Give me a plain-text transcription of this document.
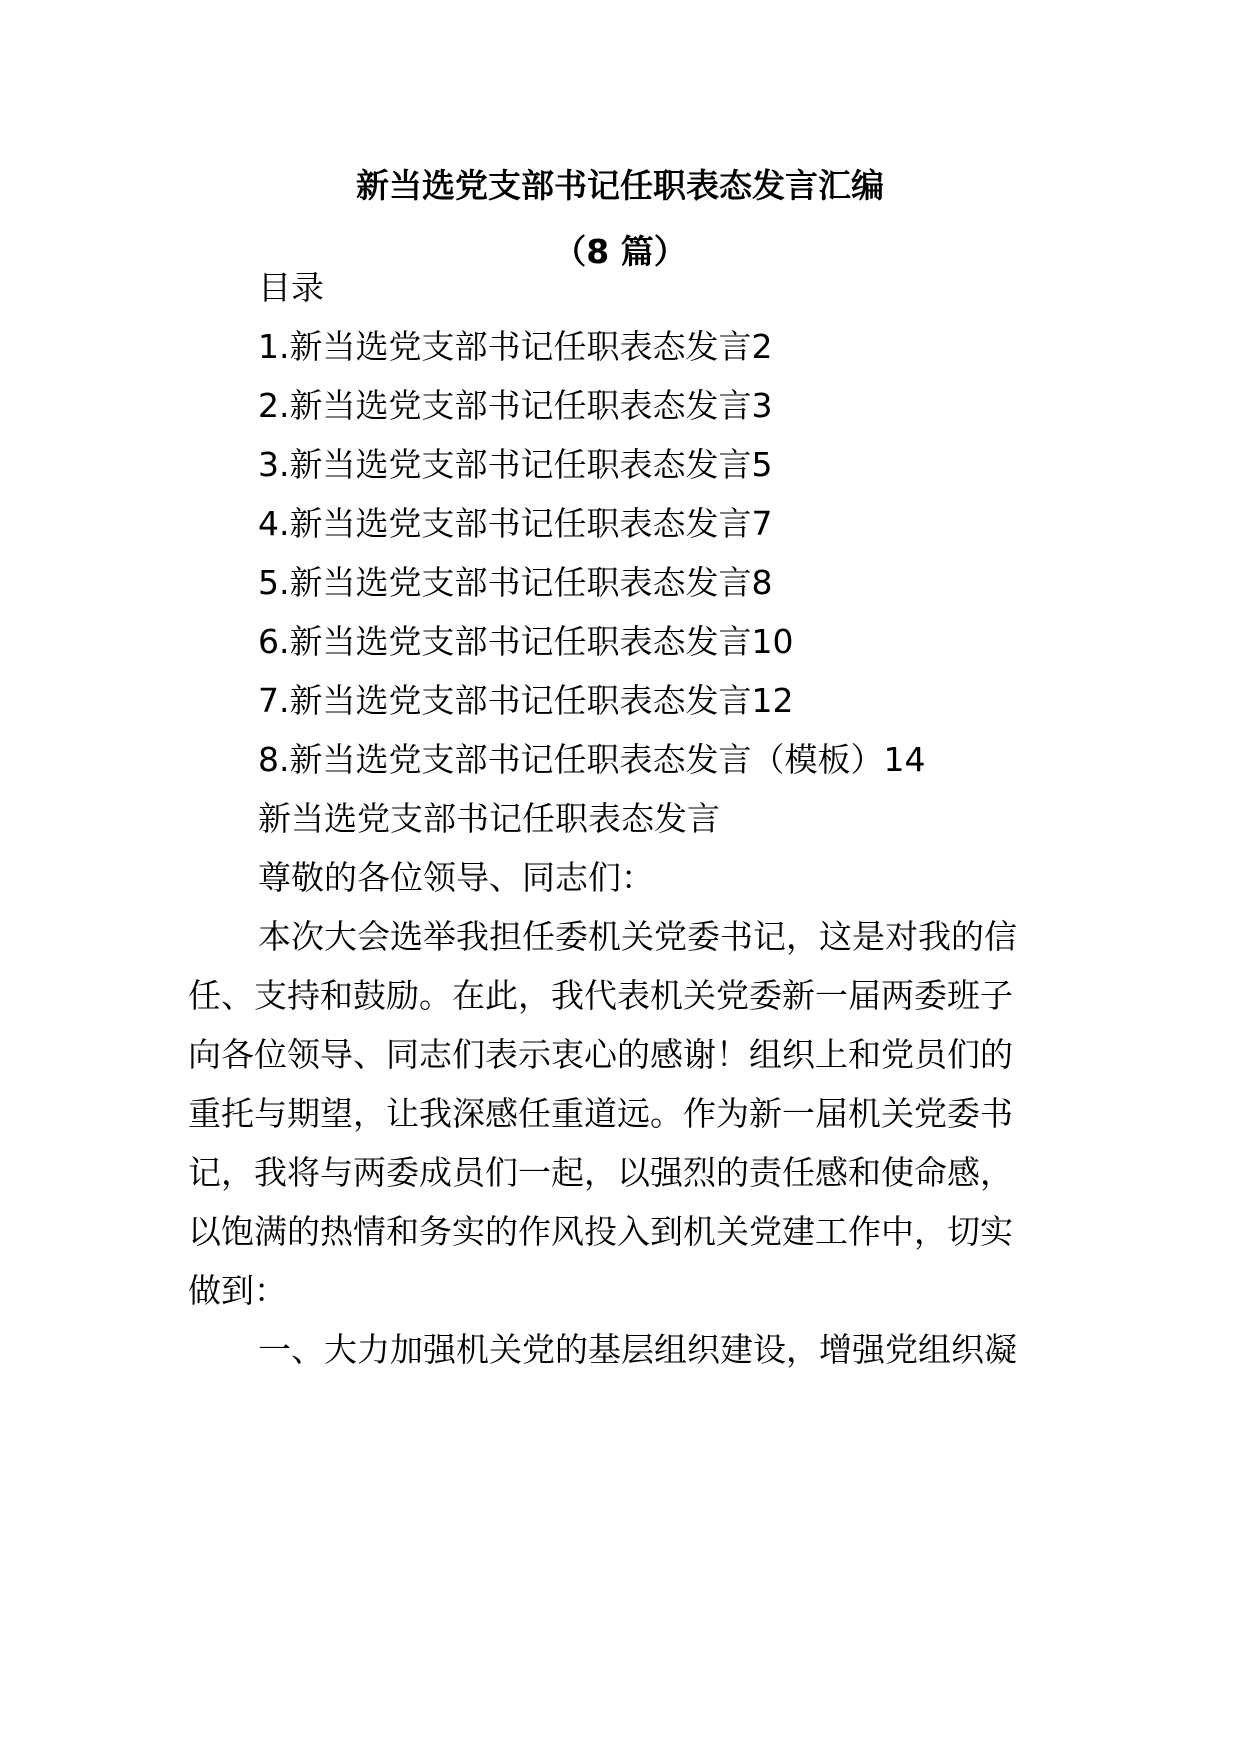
新当选党支部书记任职表态发言汇编
（8 篇）
目录
1.新当选党支部书记任职表态发言2
2.新当选党支部书记任职表态发言3
3.新当选党支部书记任职表态发言5
4.新当选党支部书记任职表态发言7
5.新当选党支部书记任职表态发言8
6.新当选党支部书记任职表态发言10
7.新当选党支部书记任职表态发言12
8.新当选党支部书记任职表态发言（模板）14
新当选党支部书记任职表态发言
尊敬的各位领导、同志们：
本次大会选举我担任委机关党委书记，这是对我的信
任、支持和鼓励。在此，我代表机关党委新一届两委班子
向各位领导、同志们表示衷心的感谢！组织上和党员们的
重托与期望，让我深感任重道远。作为新一届机关党委书
记，我将与两委成员们一起，以强烈的责任感和使命感，
以饱满的热情和务实的作风投入到机关党建工作中，切实
做到：
一、大力加强机关党的基层组织建设，增强党组织凝
